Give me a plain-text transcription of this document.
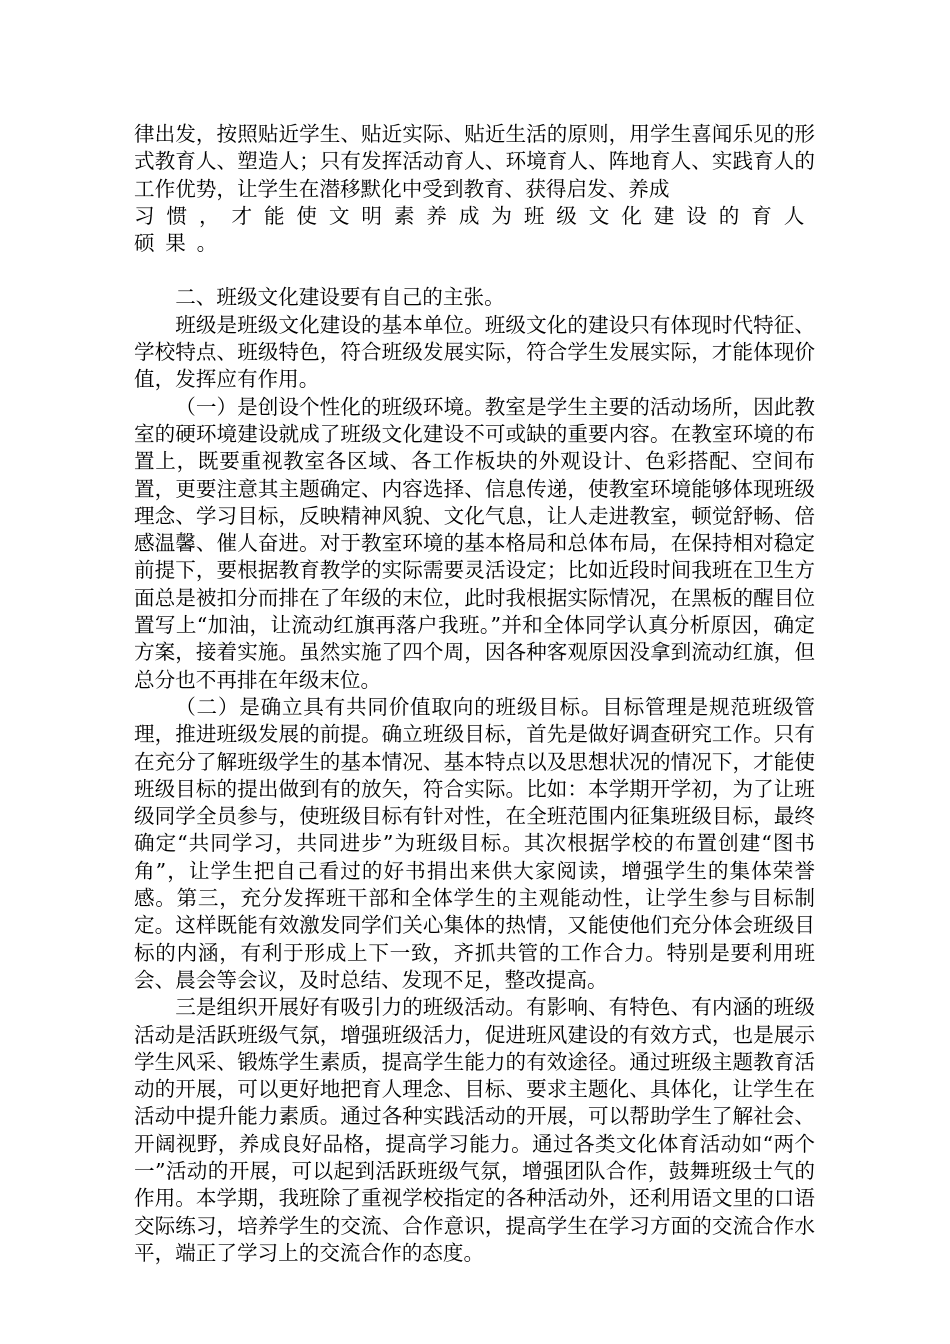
律出发，按照贴近学生、贴近实际、贴近生活的原则，用学生喜闻乐见的形式教育人、塑造人；只有发挥活动育人、环境育人、阵地育人、实践育人的工作优势，让学生在潜移默化中受到教育、获得启发、养成

习惯，才能使文明素养成为班级文化建设的育人硕果。

二、班级文化建设要有自己的主张。

班级是班级文化建设的基本单位。班级文化的建设只有体现时代特征、学校特点、班级特色，符合班级发展实际，符合学生发展实际，才能体现价值，发挥应有作用。

（一）是创设个性化的班级环境。教室是学生主要的活动场所，因此教室的硬环境建设就成了班级文化建设不可或缺的重要内容。在教室环境的布置上，既要重视教室各区域、各工作板块的外观设计、色彩搭配、空间布置，更要注意其主题确定、内容选择、信息传递，使教室环境能够体现班级理念、学习目标，反映精神风貌、文化气息，让人走进教室，顿觉舒畅、倍感温馨、催人奋进。对于教室环境的基本格局和总体布局，在保持相对稳定前提下，要根据教育教学的实际需要灵活设定；比如近段时间我班在卫生方面总是被扣分而排在了年级的末位，此时我根据实际情况，在黑板的醒目位置写上“加油，让流动红旗再落户我班。”并和全体同学认真分析原因，确定方案，接着实施。虽然实施了四个周，因各种客观原因没拿到流动红旗，但总分也不再排在年级末位。

（二）是确立具有共同价值取向的班级目标。目标管理是规范班级管理，推进班级发展的前提。确立班级目标，首先是做好调查研究工作。只有在充分了解班级学生的基本情况、基本特点以及思想状况的情况下，才能使班级目标的提出做到有的放矢，符合实际。比如：本学期开学初，为了让班级同学全员参与，使班级目标有针对性，在全班范围内征集班级目标，最终确定“共同学习，共同进步”为班级目标。其次根据学校的布置创建“图书角”，让学生把自己看过的好书捐出来供大家阅读，增强学生的集体荣誉感。第三，充分发挥班干部和全体学生的主观能动性，让学生参与目标制定。这样既能有效激发同学们关心集体的热情，又能使他们充分体会班级目标的内涵，有利于形成上下一致，齐抓共管的工作合力。特别是要利用班会、晨会等会议，及时总结、发现不足，整改提高。

三是组织开展好有吸引力的班级活动。有影响、有特色、有内涵的班级活动是活跃班级气氛，增强班级活力，促进班风建设的有效方式，也是展示学生风采、锻炼学生素质，提高学生能力的有效途径。通过班级主题教育活动的开展，可以更好地把育人理念、目标、要求主题化、具体化，让学生在活动中提升能力素质。通过各种实践活动的开展，可以帮助学生了解社会、开阔视野，养成良好品格，提高学习能力。通过各类文化体育活动如“两个一”活动的开展，可以起到活跃班级气氛，增强团队合作，鼓舞班级士气的作用。本学期，我班除了重视学校指定的各种活动外，还利用语文里的口语交际练习，培养学生的交流、合作意识，提高学生在学习方面的交流合作水平，端正了学习上的交流合作的态度。
